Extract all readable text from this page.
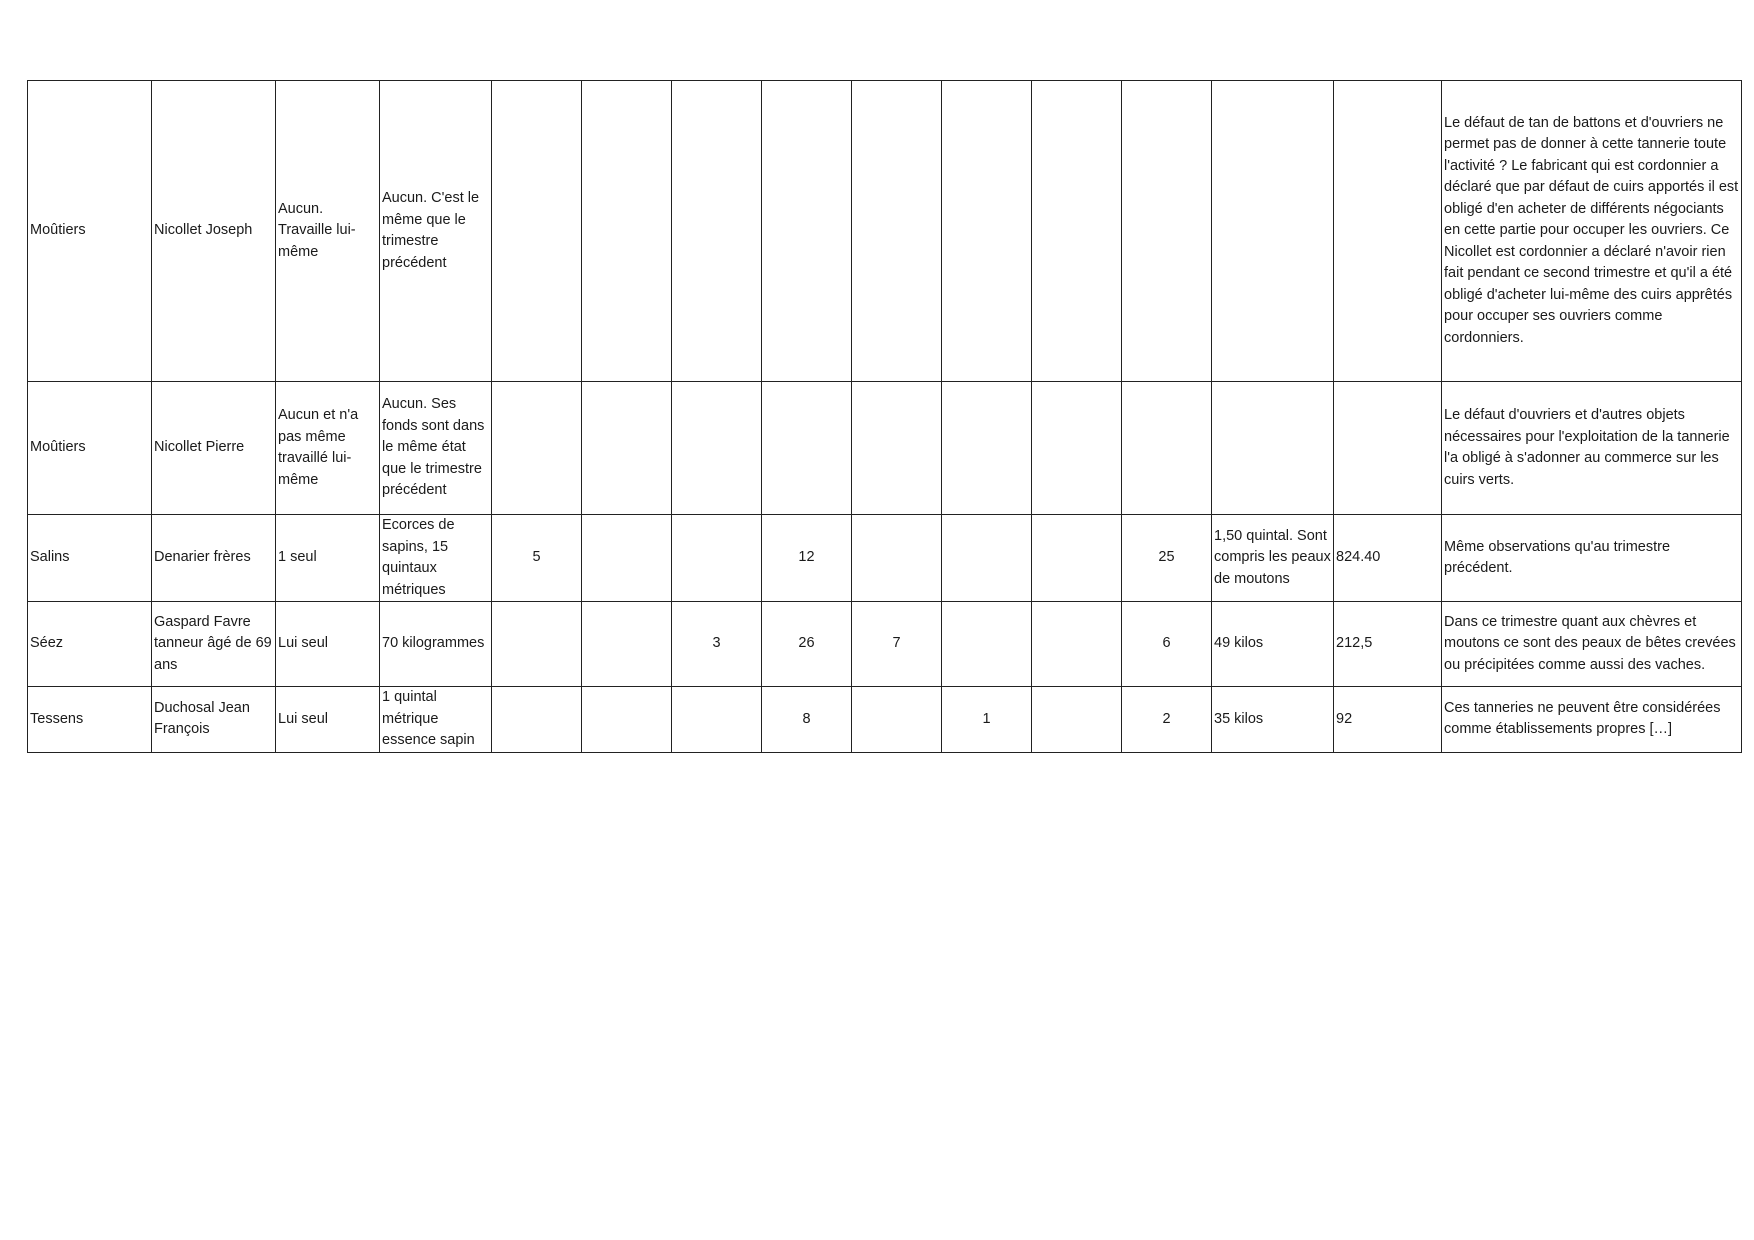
Moûtiers	Nicollet Joseph	Aucun. Travaille lui-même	Aucun. C'est le même que le trimestre précédent											Le défaut de tan de battons et d'ouvriers ne permet pas de donner à cette tannerie toute l'activité ? Le fabricant qui est cordonnier a déclaré que par défaut de cuirs apportés il est obligé d'en acheter de différents négociants en cette partie pour occuper les ouvriers. Ce Nicollet est cordonnier a déclaré n'avoir rien fait pendant ce second trimestre et qu'il a été obligé d'acheter lui-même des cuirs apprêtés pour occuper ses ouvriers comme cordonniers.
Moûtiers	Nicollet Pierre	Aucun et n'a pas même travaillé lui-même	Aucun. Ses fonds sont dans le même état que le trimestre précédent											Le défaut d'ouvriers et d'autres objets nécessaires pour l'exploitation de la tannerie l'a obligé à s'adonner au commerce sur les cuirs verts.
Salins	Denarier frères	1 seul	Ecorces de sapins, 15 quintaux métriques	5			12				25	1,50 quintal. Sont compris les peaux de moutons	824.40	Même observations qu'au trimestre précédent.
Séez	Gaspard Favre tanneur âgé de 69 ans	Lui seul	70 kilogrammes			3	26	7			6	49 kilos	212,5	Dans ce trimestre quant aux chèvres et moutons ce sont des peaux de bêtes crevées ou précipitées comme aussi des vaches.
Tessens	Duchosal Jean François	Lui seul	1 quintal métrique essence sapin				8		1		2	35 kilos	92	Ces tanneries ne peuvent être considérées comme établissements propres […]
